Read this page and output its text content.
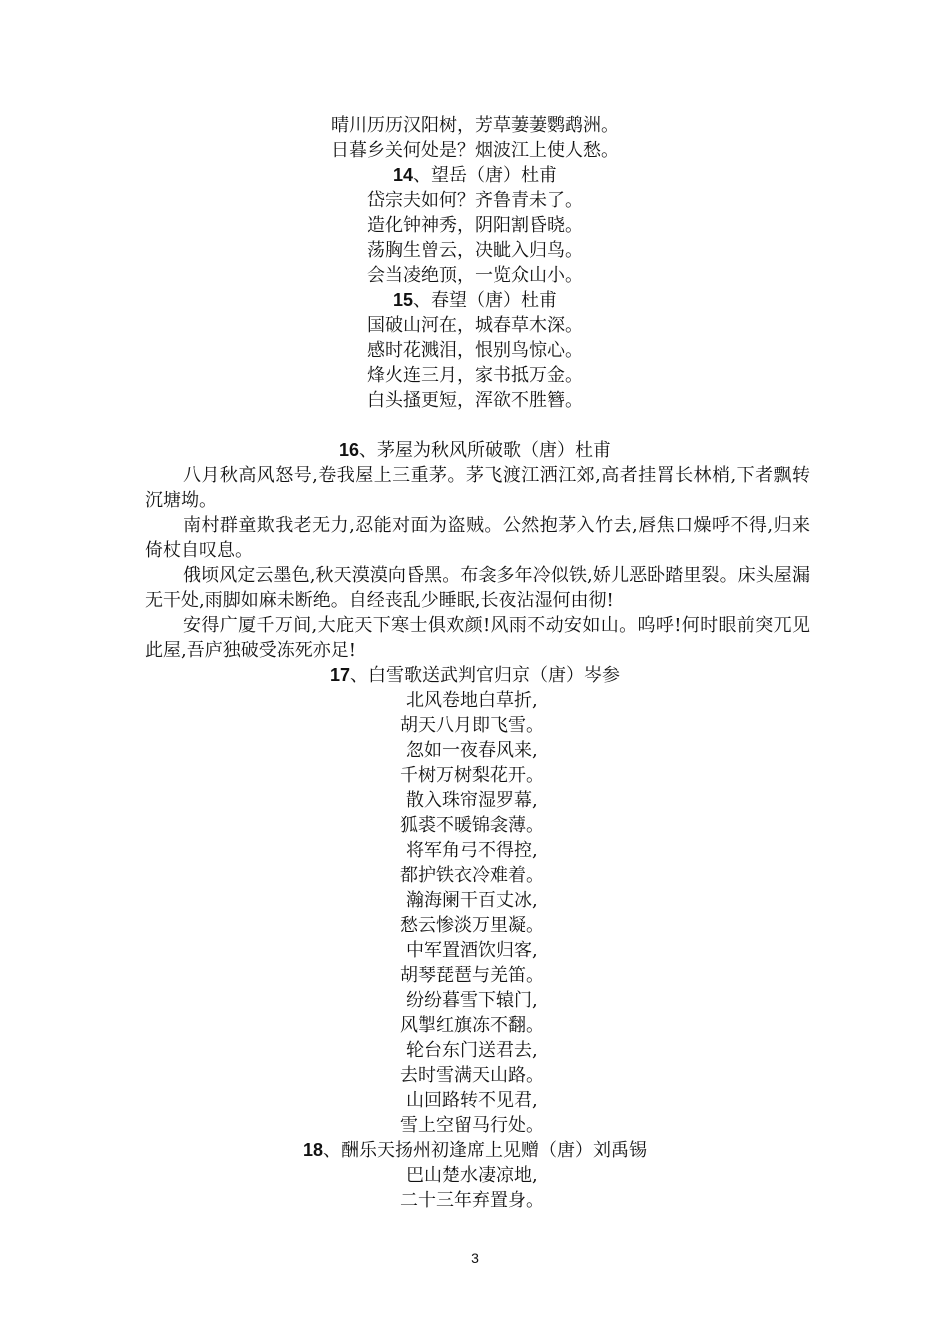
晴川历历汉阳树，芳草萋萋鹦鹉洲。
日暮乡关何处是？烟波江上使人愁。
14、望岳（唐）杜甫
岱宗夫如何？齐鲁青未了。
造化钟神秀，阴阳割昏晓。
荡胸生曾云，决眦入归鸟。
会当凌绝顶，一览众山小。
15、春望（唐）杜甫
国破山河在，城春草木深。
感时花溅泪，恨别鸟惊心。
烽火连三月，家书抵万金。
白头搔更短，浑欲不胜簪。
16、茅屋为秋风所破歌（唐）杜甫
八月秋高风怒号,卷我屋上三重茅。茅飞渡江洒江郊,高者挂罥长林梢,下者飘转沉塘坳。
南村群童欺我老无力,忍能对面为盗贼。公然抱茅入竹去,唇焦口燥呼不得,归来倚杖自叹息。
俄顷风定云墨色,秋天漠漠向昏黑。布衾多年冷似铁,娇儿恶卧踏里裂。床头屋漏无干处,雨脚如麻未断绝。自经丧乱少睡眠,长夜沾湿何由彻!
安得广厦千万间,大庇天下寒士俱欢颜!风雨不动安如山。呜呼!何时眼前突兀见此屋,吾庐独破受冻死亦足!
17、白雪歌送武判官归京（唐）岑参
北风卷地白草折,
胡天八月即飞雪。
忽如一夜春风来,
千树万树梨花开。
散入珠帘湿罗幕,
狐裘不暖锦衾薄。
将军角弓不得控,
都护铁衣冷难着。
瀚海阑干百丈冰,
愁云惨淡万里凝。
中军置酒饮归客,
胡琴琵琶与羌笛。
纷纷暮雪下辕门,
风掣红旗冻不翻。
轮台东门送君去,
去时雪满天山路。
山回路转不见君,
雪上空留马行处。
18、酬乐天扬州初逢席上见赠（唐）刘禹锡
巴山楚水凄凉地,
二十三年弃置身。
3
